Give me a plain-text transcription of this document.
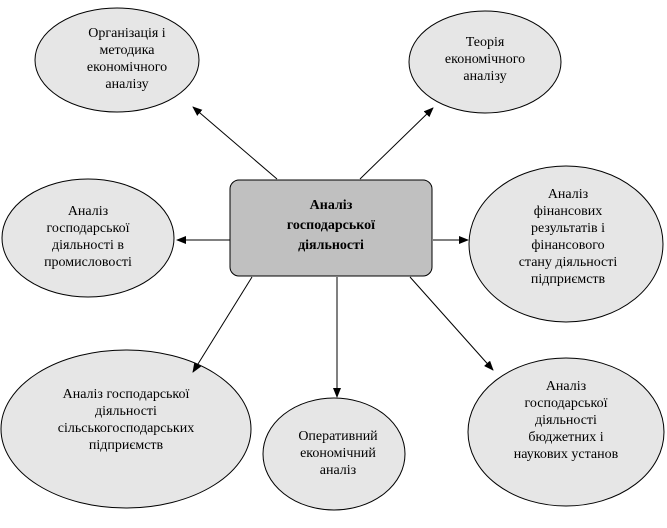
Аналіз
господарської
діяльності
Організація і
методика
економічного
аналізу
Теорія
економічного
аналізу
Аналіз
господарської
діяльності в
промисловості
Аналіз
фінансових
результатів і
фінансового
стану діяльності
підприємств
Аналіз господарської
діяльності
сільськогосподарських
підприємств
Оперативний
економічний
аналіз
Аналіз
господарської
діяльності
бюджетних і
наукових установ
